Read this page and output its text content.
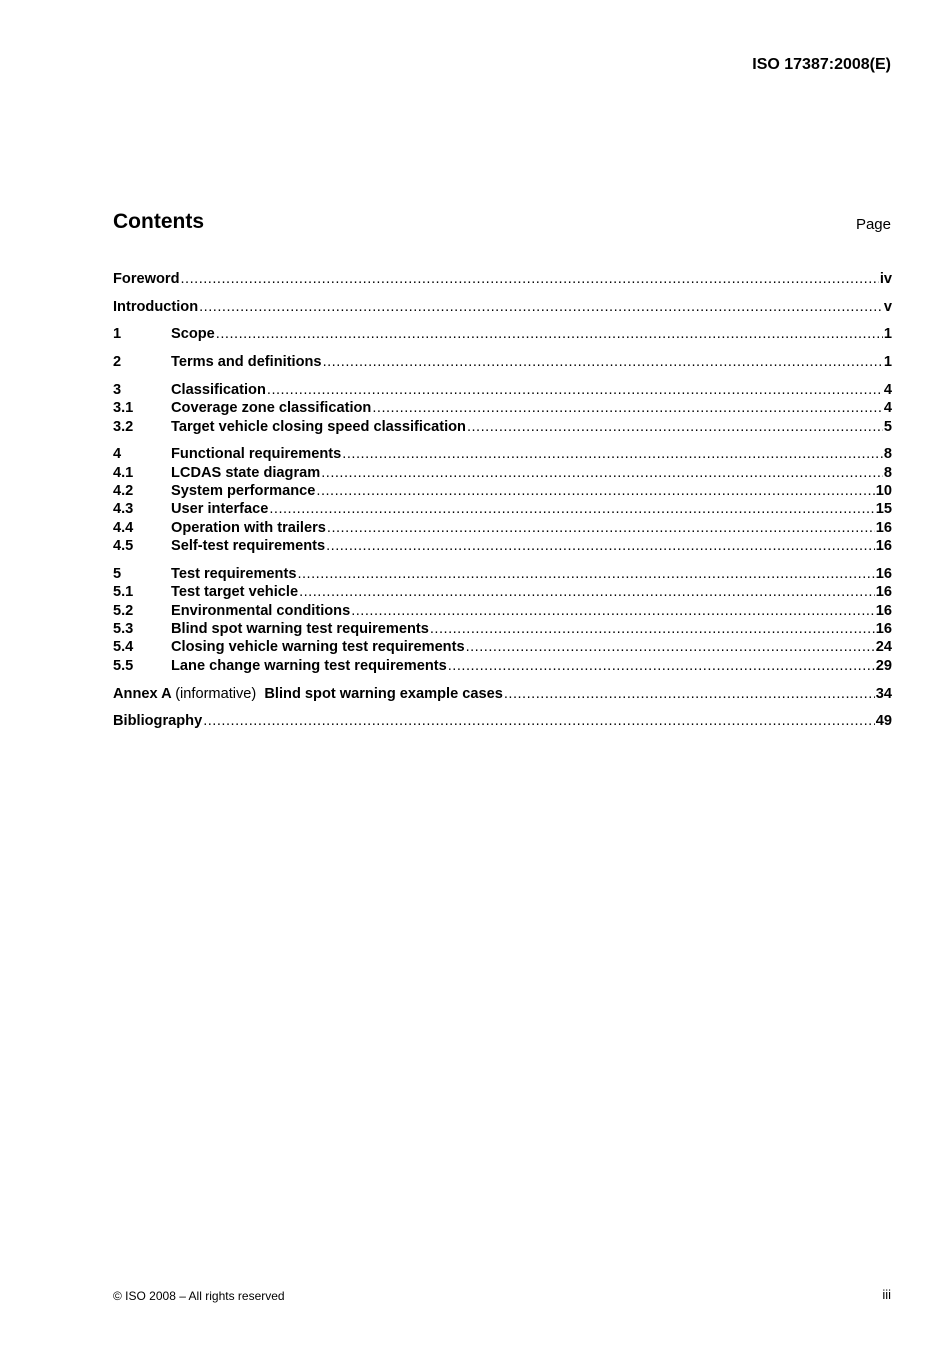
ISO 17387:2008(E)
Contents	Page
Foreword .....	iv
Introduction .....	v
1	Scope .....	1
2	Terms and definitions .....	1
3	Classification .....	4
3.1	Coverage zone classification .....	4
3.2	Target vehicle closing speed classification .....	5
4	Functional requirements .....	8
4.1	LCDAS state diagram .....	8
4.2	System performance .....	10
4.3	User interface .....	15
4.4	Operation with trailers .....	16
4.5	Self-test requirements .....	16
5	Test requirements .....	16
5.1	Test target vehicle .....	16
5.2	Environmental conditions .....	16
5.3	Blind spot warning test requirements .....	16
5.4	Closing vehicle warning test requirements .....	24
5.5	Lane change warning test requirements .....	29
Annex A (informative) Blind spot warning example cases .....	34
Bibliography .....	49
© ISO 2008 – All rights reserved	iii
